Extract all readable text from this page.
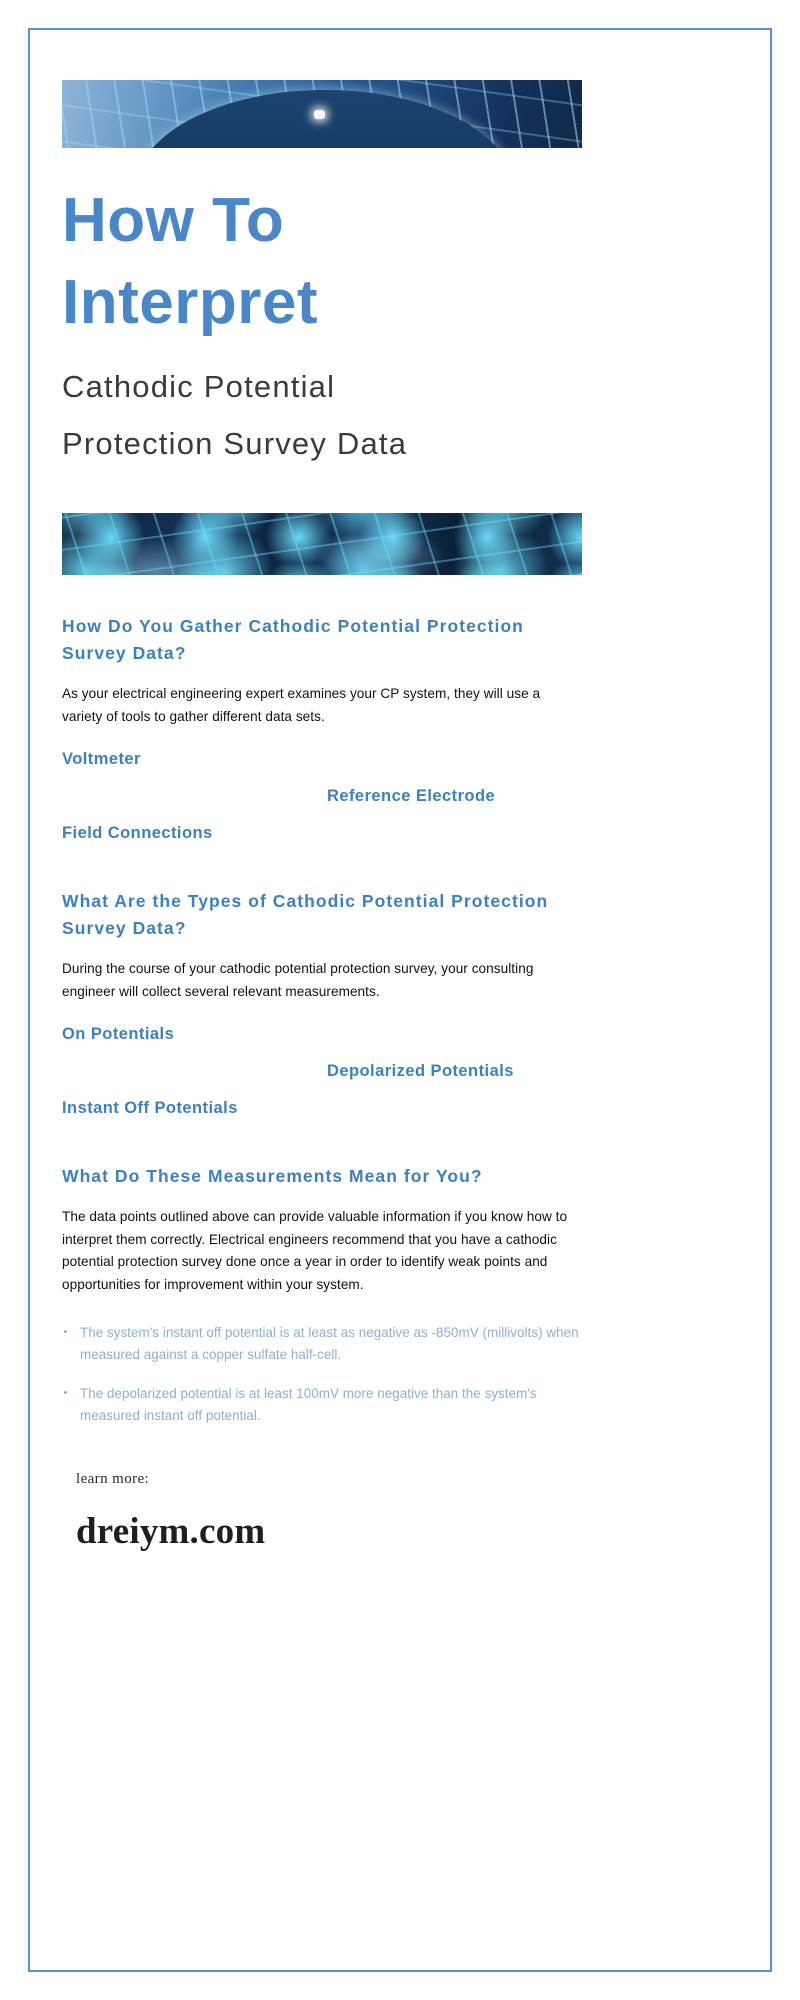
How To
Interpret
Cathodic Potential
Protection Survey Data
How Do You Gather Cathodic Potential Protection Survey Data?

As your electrical engineering expert examines your CP system, they will use a variety of tools to gather different data sets.

Voltmeter
Reference Electrode
Field Connections
What Are the Types of Cathodic Potential Protection Survey Data?

During the course of your cathodic potential protection survey, your consulting engineer will collect several relevant measurements.

On Potentials
Depolarized Potentials
Instant Off Potentials
What Do These Measurements Mean for You?

The data points outlined above can provide valuable information if you know how to interpret them correctly. Electrical engineers recommend that you have a cathodic potential protection survey done once a year in order to identify weak points and opportunities for improvement within your system.

The system's instant off potential is at least as negative as -850mV (millivolts) when measured against a copper sulfate half-cell.
The depolarized potential is at least 100mV more negative than the system's measured instant off potential.
learn more:
dreiym.com
